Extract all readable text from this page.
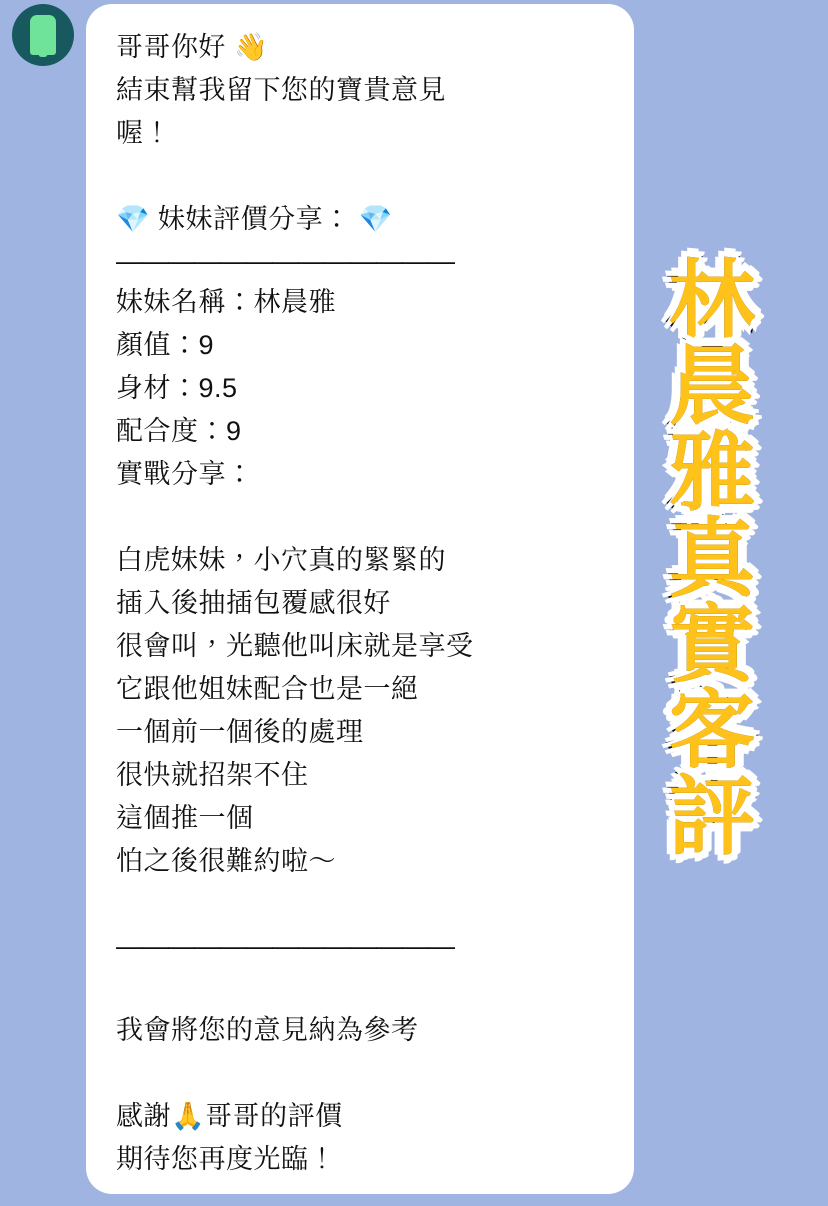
哥哥你好 👋
結束幫我留下您的寶貴意見
喔！
💎 妹妹評價分享： 💎
—————————————
妹妹名稱：林晨雅
顏值：9
身材：9.5
配合度：9
實戰分享：
白虎妹妹，小穴真的緊緊的
插入後抽插包覆感很好
很會叫，光聽他叫床就是享受
它跟他姐妹配合也是一絕
一個前一個後的處理
很快就招架不住
這個推一個
怕之後很難約啦～
—————————————
我會將您的意見納為參考
感謝🙏哥哥的評價
期待您再度光臨！
林
晨
雅
真
實
客
評
